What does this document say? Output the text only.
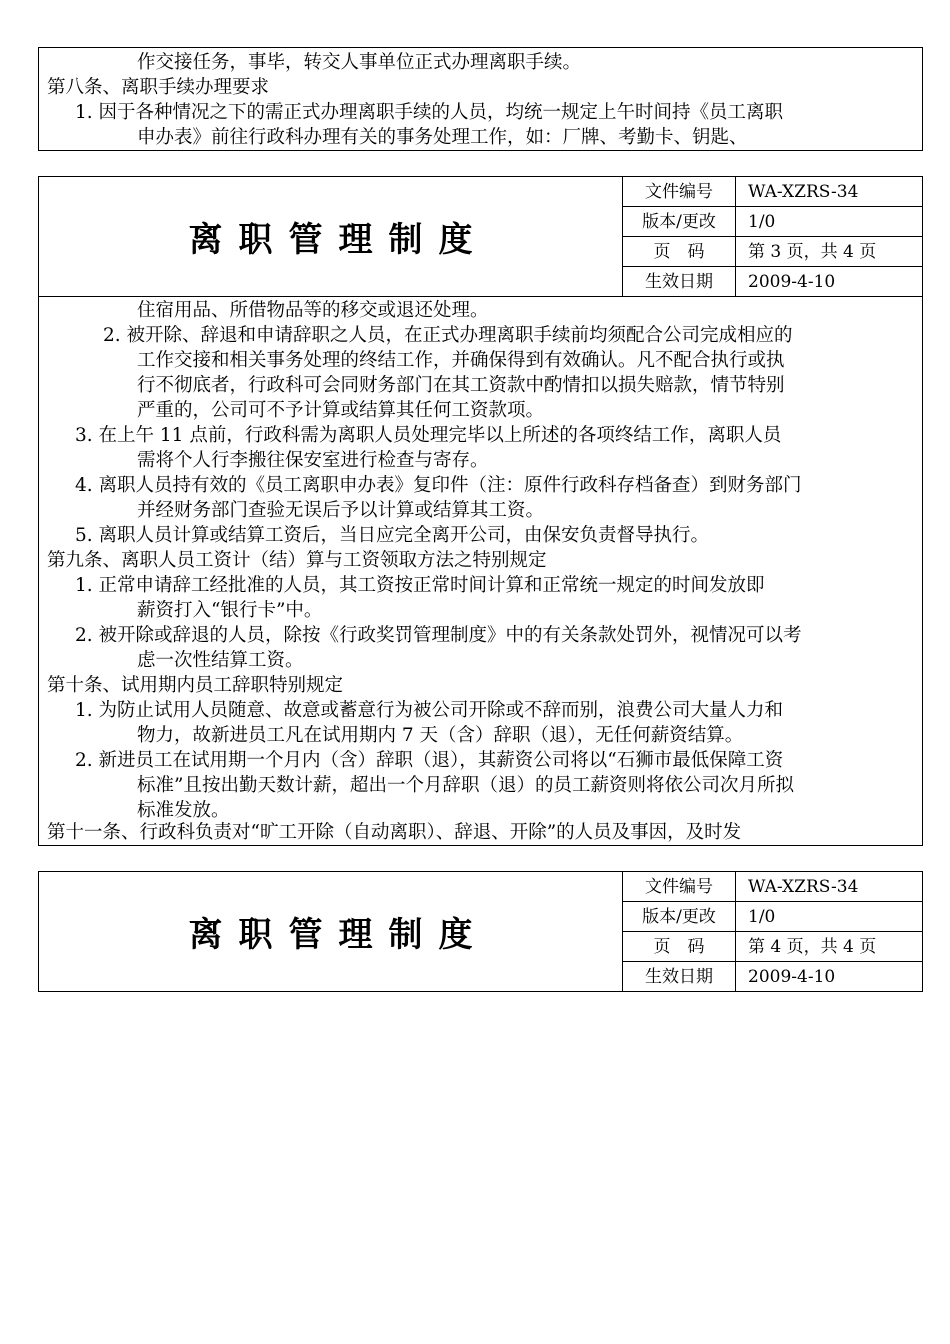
作交接任务，事毕，转交人事单位正式办理离职手续。
第八条、离职手续办理要求
1. 因于各种情况之下的需正式办理离职手续的人员，均统一规定上午时间持《员工离职
申办表》前往行政科办理有关的事务处理工作，如：厂牌、考勤卡、钥匙、
离职管理制度
文件编号	WA-XZRS-34
版本/更改	1/0
页　码	第 3 页，共 4 页
生效日期	2009-4-10
住宿用品、所借物品等的移交或退还处理。
2. 被开除、辞退和申请辞职之人员，在正式办理离职手续前均须配合公司完成相应的
工作交接和相关事务处理的终结工作，并确保得到有效确认。凡不配合执行或执
行不彻底者，行政科可会同财务部门在其工资款中酌情扣以损失赔款，情节特别
严重的，公司可不予计算或结算其任何工资款项。
3. 在上午 11 点前，行政科需为离职人员处理完毕以上所述的各项终结工作，离职人员
需将个人行李搬往保安室进行检查与寄存。
4. 离职人员持有效的《员工离职申办表》复印件（注：原件行政科存档备查）到财务部门
并经财务部门查验无误后予以计算或结算其工资。
5. 离职人员计算或结算工资后，当日应完全离开公司，由保安负责督导执行。
第九条、离职人员工资计（结）算与工资领取方法之特别规定
1. 正常申请辞工经批准的人员，其工资按正常时间计算和正常统一规定的时间发放即
薪资打入“银行卡”中。
2. 被开除或辞退的人员，除按《行政奖罚管理制度》中的有关条款处罚外，视情况可以考
虑一次性结算工资。
第十条、试用期内员工辞职特别规定
1. 为防止试用人员随意、故意或蓄意行为被公司开除或不辞而别，浪费公司大量人力和
物力，故新进员工凡在试用期内 7 天（含）辞职（退），无任何薪资结算。
2. 新进员工在试用期一个月内（含）辞职（退），其薪资公司将以“石狮市最低保障工资
标准”且按出勤天数计薪，超出一个月辞职（退）的员工薪资则将依公司次月所拟
标准发放。
第十一条、行政科负责对“旷工开除（自动离职）、辞退、开除”的人员及事因，及时发
离职管理制度
文件编号	WA-XZRS-34
版本/更改	1/0
页　码	第 4 页，共 4 页
生效日期	2009-4-10
